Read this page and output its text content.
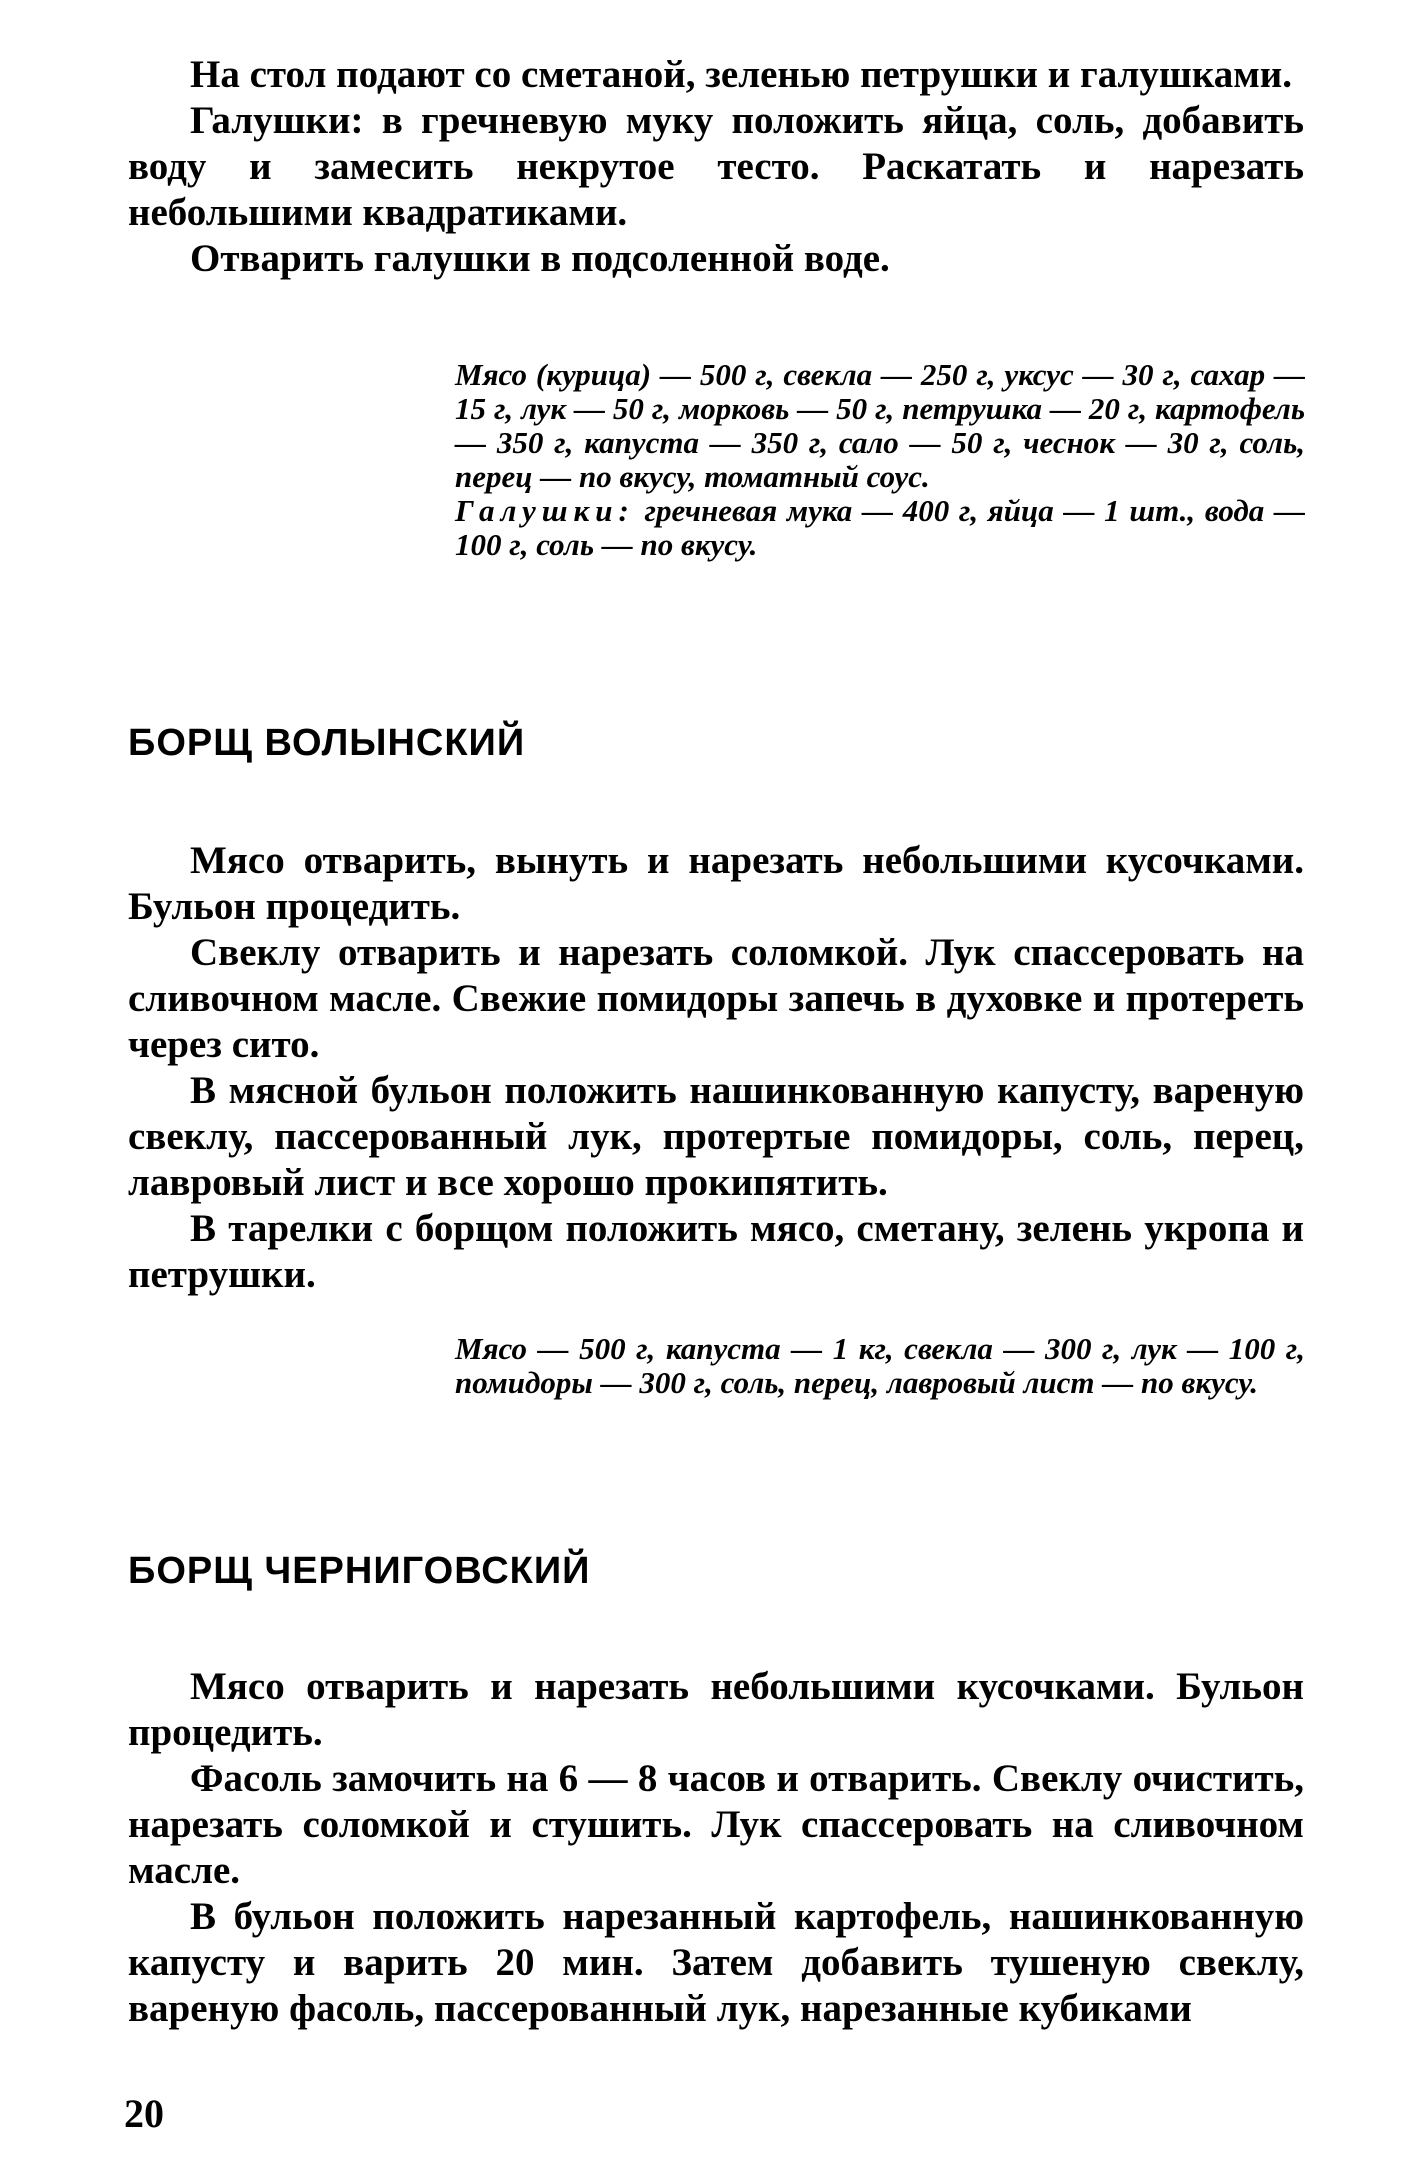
На стол подают со сметаной, зеленью петрушки и галушками.

Галушки: в гречневую муку положить яйца, соль, добавить воду и замесить некрутое тесто. Раскатать и нарезать небольшими квадратиками.

Отварить галушки в подсоленной воде.

Мясо (курица) — 500 г, свекла — 250 г, уксус — 30 г, сахар — 15 г, лук — 50 г, морковь — 50 г, петрушка — 20 г, картофель — 350 г, капуста — 350 г, сало — 50 г, чеснок — 30 г, соль, перец — по вкусу, томатный соус.

Галушки: гречневая мука — 400 г, яйца — 1 шт., вода — 100 г, соль — по вкусу.

БОРЩ ВОЛЫНСКИЙ

Мясо отварить, вынуть и нарезать небольшими кусочками. Бульон процедить.

Свеклу отварить и нарезать соломкой. Лук спассеровать на сливочном масле. Свежие помидоры запечь в духовке и протереть через сито.

В мясной бульон положить нашинкованную капусту, вареную свеклу, пассерованный лук, протертые помидоры, соль, перец, лавровый лист и все хорошо прокипятить.

В тарелки с борщом положить мясо, сметану, зелень укропа и петрушки.

Мясо — 500 г, капуста — 1 кг, свекла — 300 г, лук — 100 г, помидоры — 300 г, соль, перец, лавровый лист — по вкусу.

БОРЩ ЧЕРНИГОВСКИЙ

Мясо отварить и нарезать небольшими кусочками. Бульон процедить.

Фасоль замочить на 6 — 8 часов и отварить. Свеклу очистить, нарезать соломкой и стушить. Лук спассеровать на сливочном масле.

В бульон положить нарезанный картофель, нашинкованную капусту и варить 20 мин. Затем добавить тушеную свеклу, вареную фасоль, пассерованный лук, нарезанные кубиками

20
